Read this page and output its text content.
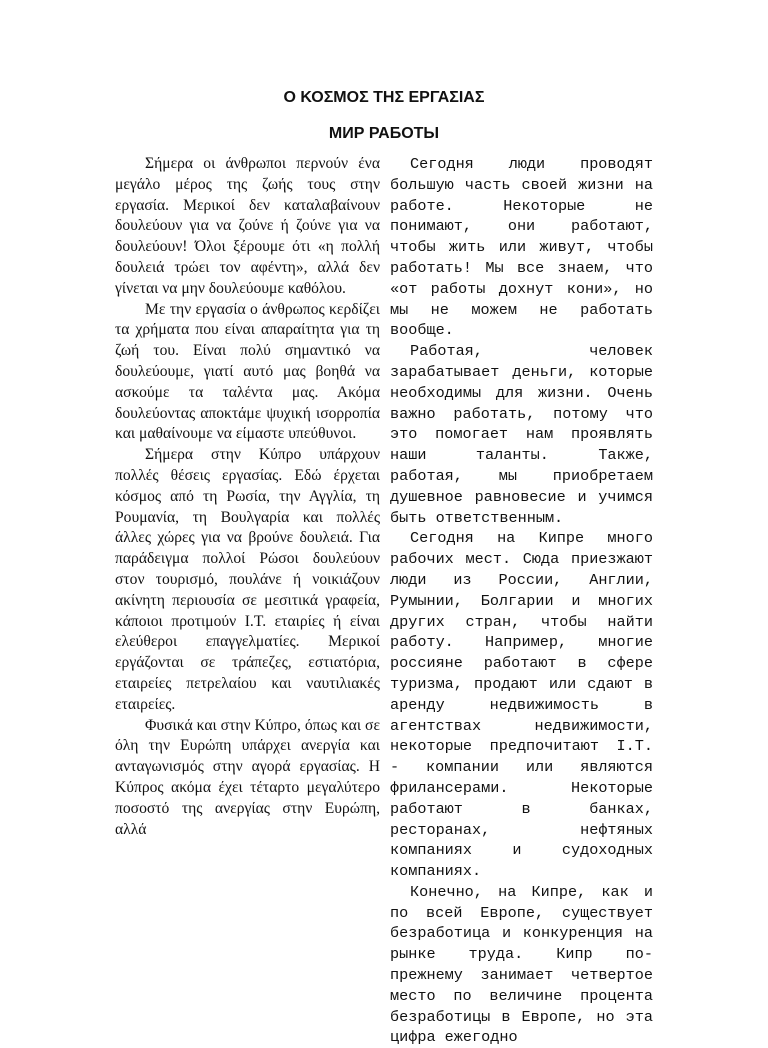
Ο ΚΟΣΜΟΣ ΤΗΣ ΕΡΓΑΣΙΑΣ
МИР РАБОТЫ

Σήμερα οι άνθρωποι περνούν ένα μεγάλο μέρος της ζωής τους στην εργασία. Μερικοί δεν καταλαβαίνουν δουλεύουν για να ζούνε ή ζούνε για να δουλεύουν! Όλοι ξέρουμε ότι «η πολλή δουλειά τρώει τον αφέντη», αλλά δεν γίνεται να μην δουλεύουμε καθόλου.

Με την εργασία ο άνθρωπος κερδίζει τα χρήματα που είναι απαραίτητα για τη ζωή του. Είναι πολύ σημαντικό να δουλεύουμε, γιατί αυτό μας βοηθά να ασκούμε τα ταλέντα μας. Ακόμα δουλεύοντας αποκτάμε ψυχική ισορροπία και μαθαίνουμε να είμαστε υπεύθυνοι.

Σήμερα στην Κύπρο υπάρχουν πολλές θέσεις εργασίας. Εδώ έρχεται κόσμος από τη Ρωσία, την Αγγλία, τη Ρουμανία, τη Βουλγαρία και πολλές άλλες χώρες για να βρούνε δουλειά. Για παράδειγμα πολλοί Ρώσοι δουλεύουν στον τουρισμό, πουλάνε ή νοικιάζουν ακίνητη περιουσία σε μεσιτικά γραφεία, κάποιοι προτιμούν I.T. εταιρίες ή είναι ελεύθεροι επαγγελματίες. Μερικοί εργάζονται σε τράπεζες, εστιατόρια, εταιρείες πετρελαίου και ναυτιλιακές εταιρείες.

Φυσικά και στην Κύπρο, όπως και σε όλη την Ευρώπη υπάρχει ανεργία και ανταγωνισμός στην αγορά εργασίας. Η Κύπρος ακόμα έχει τέταρτο μεγαλύτερο ποσοστό της ανεργίας στην Ευρώπη, αλλά

Сегодня люди проводят большую часть своей жизни на работе. Некоторые не понимают, они работают, чтобы жить или живут, чтобы работать! Мы все знаем, что «от работы дохнут кони», но мы не можем не работать вообще.

Работая, человек зарабатывает деньги, которые необходимы для жизни. Очень важно работать, потому что это помогает нам проявлять наши таланты. Также, работая, мы приобретаем душевное равновесие и учимся быть ответственным.

Сегодня на Кипре много рабочих мест. Сюда приезжают люди из России, Англии, Румынии, Болгарии и многих других стран, чтобы найти работу. Например, многие россияне работают в сфере туризма, продают или сдают в аренду недвижимость в агентствах недвижимости, некоторые предпочитают I.T. - компании или являются фрилансерами. Некоторые работают в банках, ресторанах, нефтяных компаниях и судоходных компаниях.

Конечно, на Кипре, как и по всей Европе, существует безработица и конкуренция на рынке труда. Кипр по-прежнему занимает четвертое место по величине процента безработицы в Европе, но эта цифра ежегодно
